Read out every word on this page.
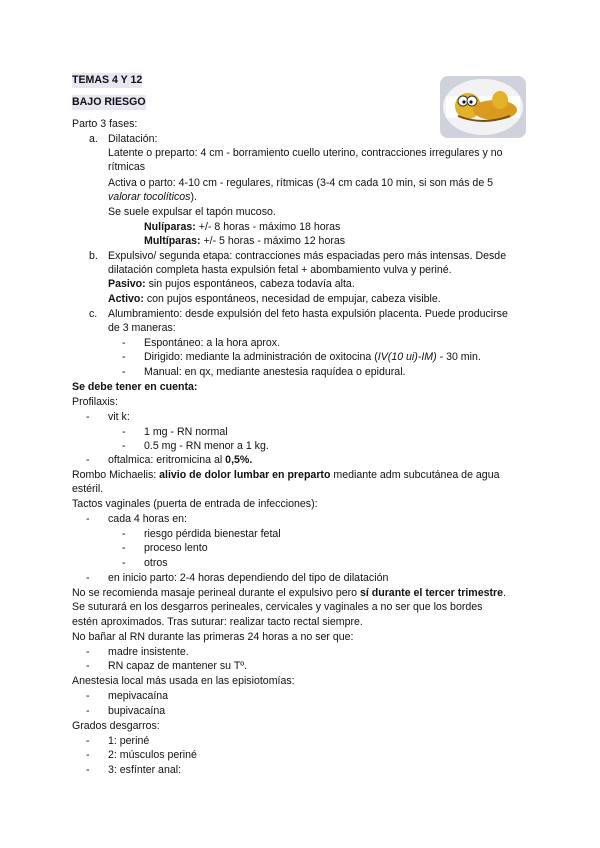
TEMAS 4 Y 12
BAJO RIESGO
Parto 3 fases:
a. Dilatación:
Latente o preparto: 4 cm - borramiento cuello uterino, contracciones irregulares y no
rítmicas
Activa o parto: 4-10 cm - regulares, rítmicas (3-4 cm cada 10 min, si son más de 5
valorar tocolíticos).
Se suele expulsar el tapón mucoso.
Nulíparas: +/- 8 horas - máximo 18 horas
Multíparas: +/- 5 horas - máximo 12 horas
b. Expulsivo/ segunda etapa: contracciones más espaciadas pero más intensas. Desde
dilatación completa hasta expulsión fetal + abombamiento vulva y periné.
Pasivo: sin pujos espontáneos, cabeza todavía alta.
Activo: con pujos espontáneos, necesidad de empujar, cabeza visible.
c. Alumbramiento: desde expulsión del feto hasta expulsión placenta. Puede producirse
de 3 maneras:
- Espontáneo: a la hora aprox.
- Dirigido: mediante la administración de oxitocina (IV(10 ui)-IM) - 30 min.
- Manual: en qx, mediante anestesia raquídea o epidural.
Se debe tener en cuenta:
Profilaxis:
- vit k:
- 1 mg - RN normal
- 0.5 mg - RN menor a 1 kg.
- oftalmica: eritromicina al 0,5%.
Rombo Michaelis: alivio de dolor lumbar en preparto mediante adm subcutánea de agua
estéril.
Tactos vaginales (puerta de entrada de infecciones):
- cada 4 horas en:
- riesgo pérdida bienestar fetal
- proceso lento
- otros
- en inicio parto: 2-4 horas dependiendo del tipo de dilatación
No se recomienda masaje perineal durante el expulsivo pero sí durante el tercer trimestre.
Se suturará en los desgarros perineales, cervicales y vaginales a no ser que los bordes
estén aproximados. Tras suturar: realizar tacto rectal siempre.
No bañar al RN durante las primeras 24 horas a no ser que:
- madre insistente.
- RN capaz de mantener su Tº.
Anestesia local más usada en las episiotomías:
- mepivacaína
- bupivacaína
Grados desgarros:
- 1: periné
- 2: músculos periné
- 3: esfínter anal:
